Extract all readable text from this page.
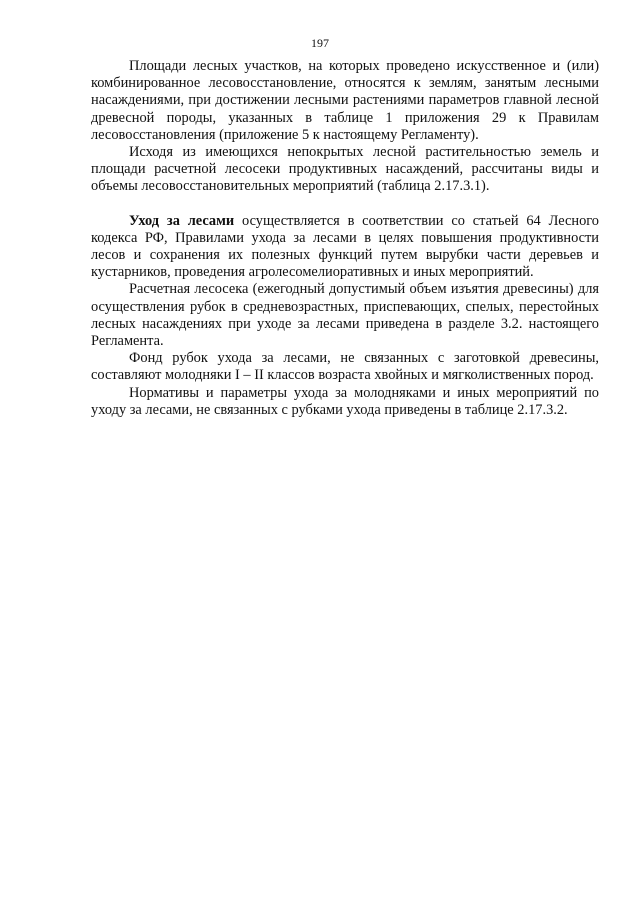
197

Площади лесных участков, на которых проведено искусственное и (или) комбинированное лесовосстановление, относятся к землям, занятым лесными насаждениями, при достижении лесными растениями параметров главной лесной древесной породы, указанных в таблице 1 приложения 29 к Правилам лесовосстановления (приложение 5 к настоящему Регламенту).

Исходя из имеющихся непокрытых лесной растительностью земель и площади расчетной лесосеки продуктивных насаждений, рассчитаны виды и объемы лесовосстановительных мероприятий (таблица 2.17.3.1).

Уход за лесами осуществляется в соответствии со статьей 64 Лесного кодекса РФ, Правилами ухода за лесами в целях повышения продуктивности лесов и сохранения их полезных функций путем вырубки части деревьев и кустарников, проведения агролесомелиоративных и иных мероприятий.

Расчетная лесосека (ежегодный допустимый объем изъятия древесины) для осуществления рубок в средневозрастных, приспевающих, спелых, перестойных лесных насаждениях при уходе за лесами приведена в разделе 3.2. настоящего Регламента.

Фонд рубок ухода за лесами, не связанных с заготовкой древесины, составляют молодняки I – II классов возраста хвойных и мягколиственных пород.

Нормативы и параметры ухода за молодняками и иных мероприятий по уходу за лесами, не связанных с рубками ухода приведены в таблице 2.17.3.2.
